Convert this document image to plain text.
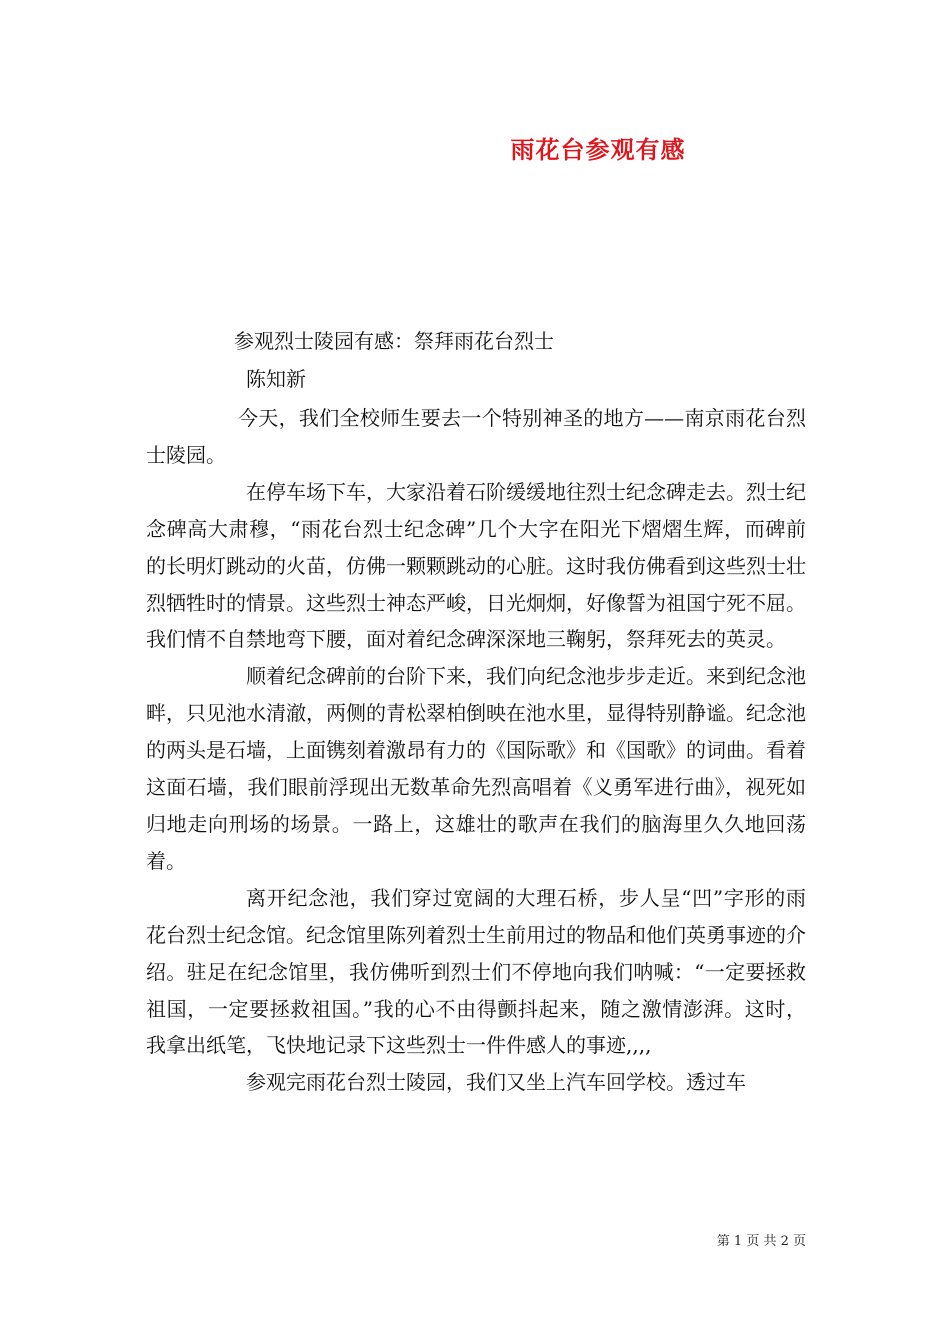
雨花台参观有感
参观烈士陵园有感：祭拜雨花台烈士
陈知新

今天，我们全校师生要去一个特别神圣的地方——南京雨花台烈士陵园。

在停车场下车，大家沿着石阶缓缓地往烈士纪念碑走去。烈士纪念碑高大肃穆，“雨花台烈士纪念碑”几个大字在阳光下熠熠生辉，而碑前的长明灯跳动的火苗，仿佛一颗颗跳动的心脏。这时我仿佛看到这些烈士壮烈牺牲时的情景。这些烈士神态严峻，日光炯炯，好像誓为祖国宁死不屈。我们情不自禁地弯下腰，面对着纪念碑深深地三鞠躬，祭拜死去的英灵。

顺着纪念碑前的台阶下来，我们向纪念池步步走近。来到纪念池畔，只见池水清澈，两侧的青松翠柏倒映在池水里，显得特别静谧。纪念池的两头是石墙，上面镌刻着激昂有力的《国际歌》和《国歌》的词曲。看着这面石墙，我们眼前浮现出无数革命先烈高唱着《义勇军进行曲》，视死如归地走向刑场的场景。一路上，这雄壮的歌声在我们的脑海里久久地回荡着。

离开纪念池，我们穿过宽阔的大理石桥，步人呈“凹”字形的雨花台烈士纪念馆。纪念馆里陈列着烈士生前用过的物品和他们英勇事迹的介绍。驻足在纪念馆里，我仿佛听到烈士们不停地向我们呐喊：“一定要拯救祖国，一定要拯救祖国。”我的心不由得颤抖起来，随之激情澎湃。这时，我拿出纸笔，飞快地记录下这些烈士一件件感人的事迹,,,,

参观完雨花台烈士陵园，我们又坐上汽车回学校。透过车

第 1 页 共 2 页
